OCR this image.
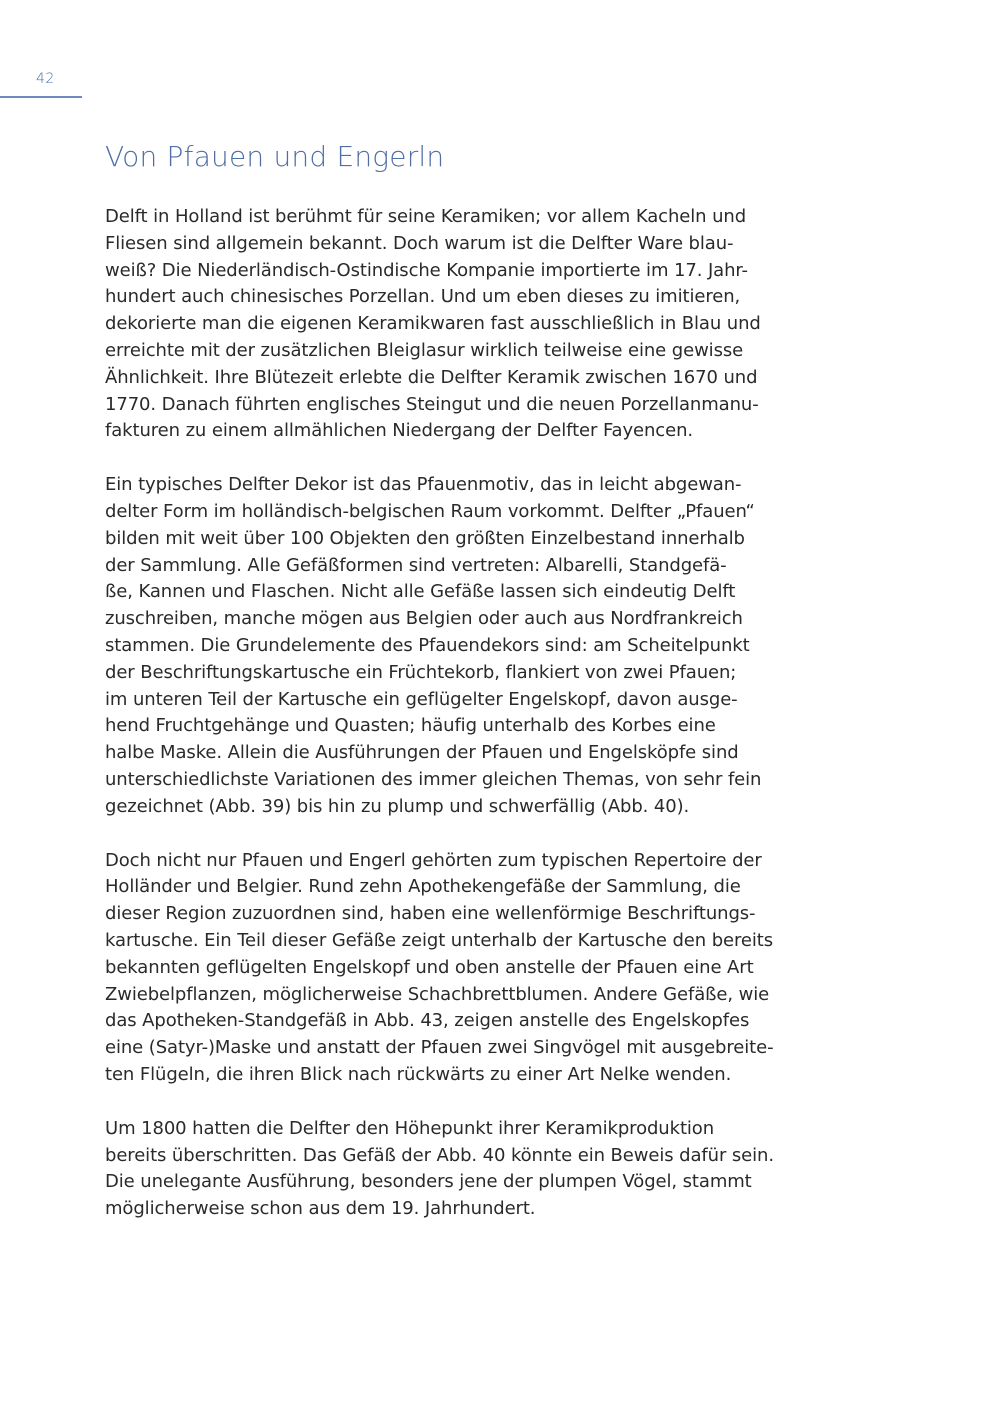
42
Von Pfauen und Engerln

Delft in Holland ist berühmt für seine Keramiken; vor allem Kacheln und
Fliesen sind allgemein bekannt. Doch warum ist die Delfter Ware blau-
weiß? Die Niederländisch-Ostindische Kompanie importierte im 17. Jahr-
hundert auch chinesisches Porzellan. Und um eben dieses zu imitieren,
dekorierte man die eigenen Keramikwaren fast ausschließlich in Blau und
erreichte mit der zusätzlichen Bleiglasur wirklich teilweise eine gewisse
Ähnlichkeit. Ihre Blütezeit erlebte die Delfter Keramik zwischen 1670 und
1770. Danach führten englisches Steingut und die neuen Porzellanmanu-
fakturen zu einem allmählichen Niedergang der Delfter Fayencen.

Ein typisches Delfter Dekor ist das Pfauenmotiv, das in leicht abgewan-
delter Form im holländisch-belgischen Raum vorkommt. Delfter „Pfauen“
bilden mit weit über 100 Objekten den größten Einzelbestand innerhalb
der Sammlung. Alle Gefäßformen sind vertreten: Albarelli, Standgefä-
ße, Kannen und Flaschen. Nicht alle Gefäße lassen sich eindeutig Delft
zuschreiben, manche mögen aus Belgien oder auch aus Nordfrankreich
stammen. Die Grundelemente des Pfauendekors sind: am Scheitelpunkt
der Beschriftungskartusche ein Früchtekorb, flankiert von zwei Pfauen;
im unteren Teil der Kartusche ein geflügelter Engelskopf, davon ausge-
hend Fruchtgehänge und Quasten; häufig unterhalb des Korbes eine
halbe Maske. Allein die Ausführungen der Pfauen und Engelsköpfe sind
unterschiedlichste Variationen des immer gleichen Themas, von sehr fein
gezeichnet (Abb. 39) bis hin zu plump und schwerfällig (Abb. 40).

Doch nicht nur Pfauen und Engerl gehörten zum typischen Repertoire der
Holländer und Belgier. Rund zehn Apothekengefäße der Sammlung, die
dieser Region zuzuordnen sind, haben eine wellenförmige Beschriftungs-
kartusche. Ein Teil dieser Gefäße zeigt unterhalb der Kartusche den bereits
bekannten geflügelten Engelskopf und oben anstelle der Pfauen eine Art
Zwiebelpflanzen, möglicherweise Schachbrettblumen. Andere Gefäße, wie
das Apotheken-Standgefäß in Abb. 43, zeigen anstelle des Engelskopfes
eine (Satyr-)Maske und anstatt der Pfauen zwei Singvögel mit ausgebreite-
ten Flügeln, die ihren Blick nach rückwärts zu einer Art Nelke wenden.

Um 1800 hatten die Delfter den Höhepunkt ihrer Keramikproduktion
bereits überschritten. Das Gefäß der Abb. 40 könnte ein Beweis dafür sein.
Die unelegante Ausführung, besonders jene der plumpen Vögel, stammt
möglicherweise schon aus dem 19. Jahrhundert.
